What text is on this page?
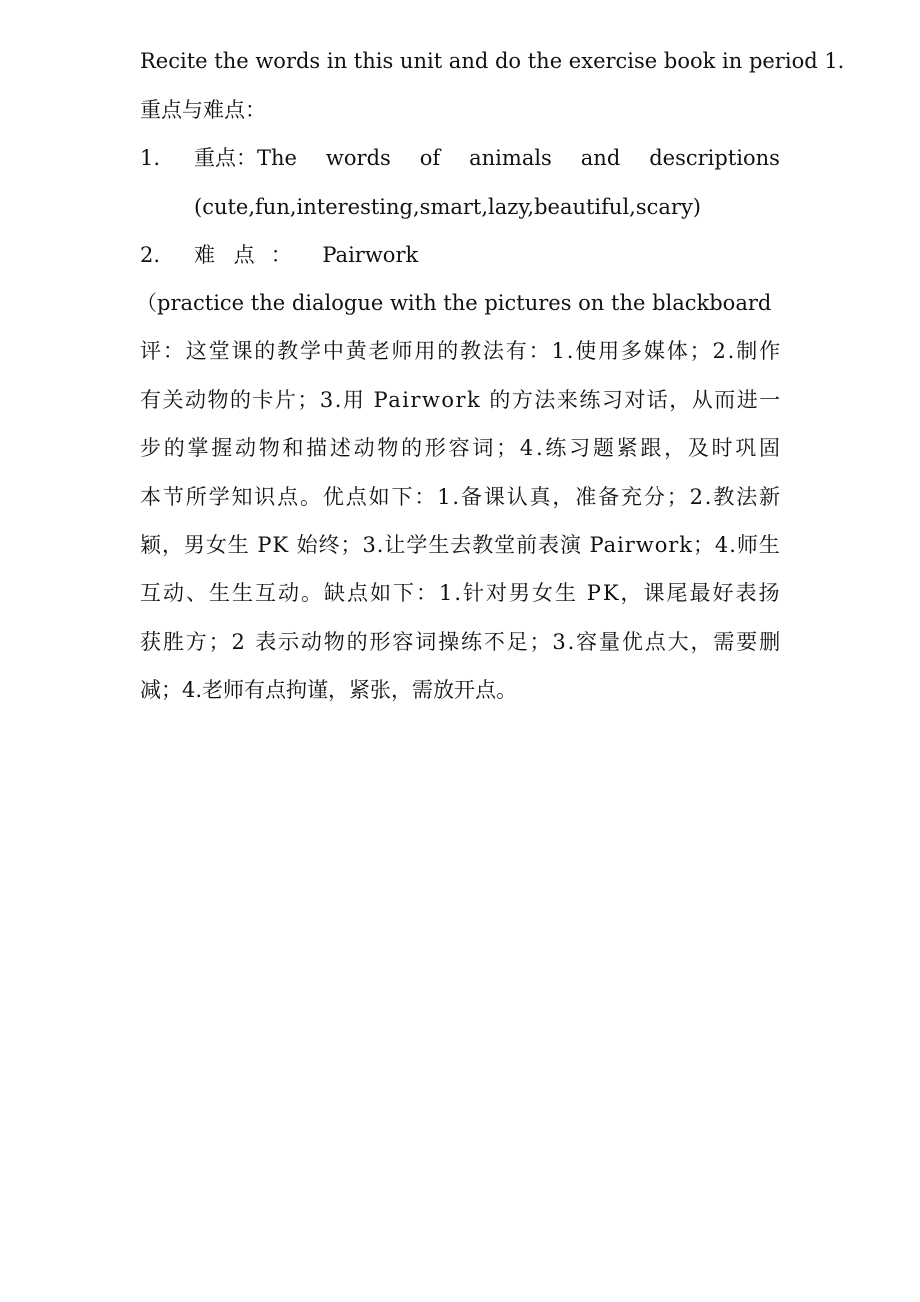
Recite the words in this unit and do the exercise book in period 1.
重点与难点：
1. 重点：The words of animals and descriptions
(cute,fun,interesting,smart,lazy,beautiful,scary)
2. 难 点 ： Pairwork
（practice the dialogue with the pictures on the blackboard
评：这堂课的教学中黄老师用的教法有：1.使用多媒体；2.制作
有关动物的卡片；3.用 Pairwork 的方法来练习对话，从而进一
步的掌握动物和描述动物的形容词；4.练习题紧跟，及时巩固
本节所学知识点。优点如下：1.备课认真，准备充分；2.教法新
颖，男女生 PK 始终；3.让学生去教堂前表演 Pairwork；4.师生
互动、生生互动。缺点如下：1.针对男女生 PK，课尾最好表扬
获胜方；2 表示动物的形容词操练不足；3.容量优点大，需要删
减；4.老师有点拘谨，紧张，需放开点。
